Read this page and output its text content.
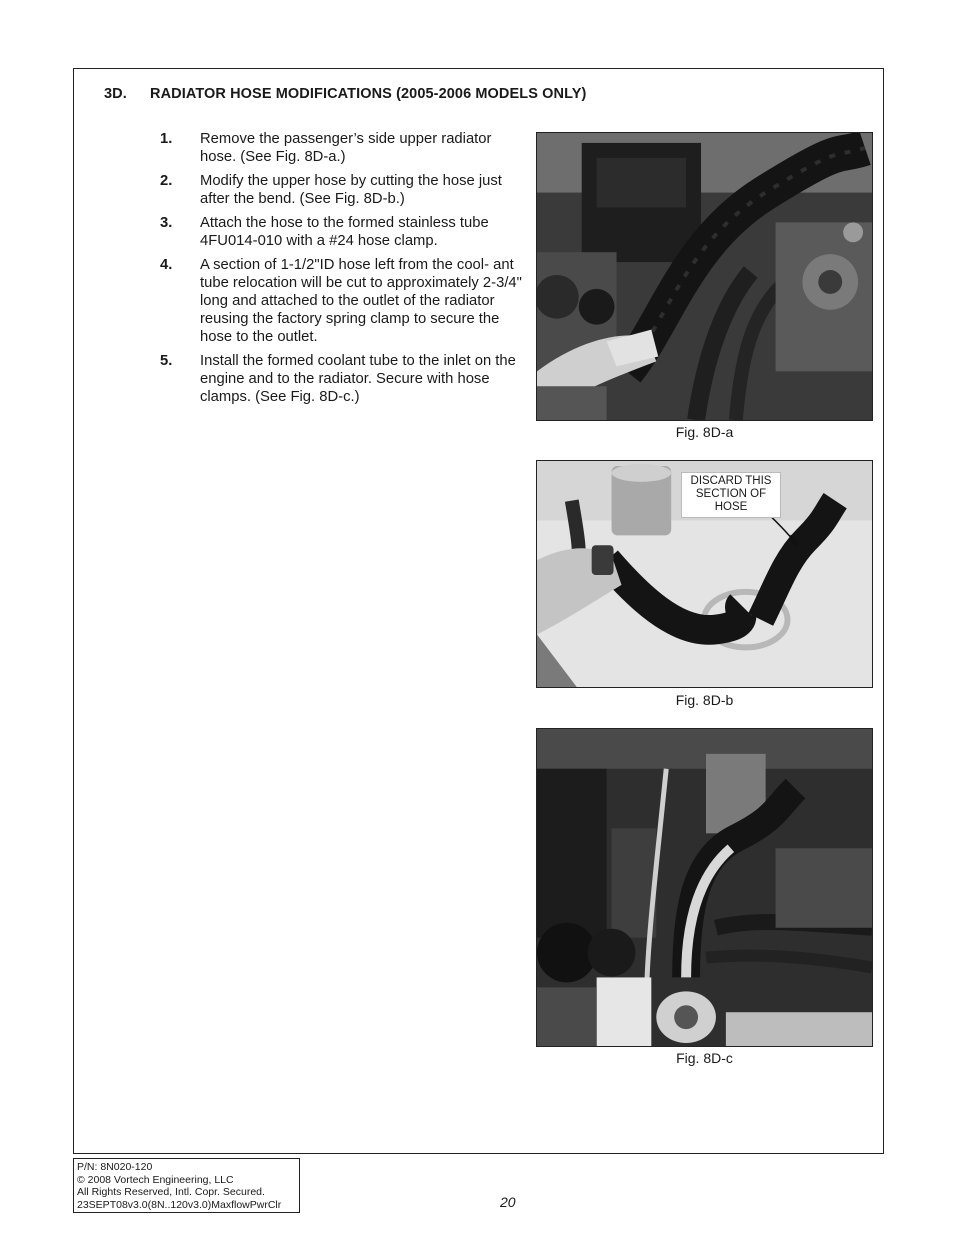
3D. RADIATOR HOSE MODIFICATIONS (2005-2006 MODELS ONLY)
1. Remove the passenger’s side upper radiator hose. (See Fig. 8D-a.)
2. Modify the upper hose by cutting the hose just after the bend. (See Fig. 8D-b.)
3. Attach the hose to the formed stainless tube 4FU014-010 with a #24 hose clamp.
4. A section of 1-1/2"ID hose left from the cool- ant tube relocation will be cut to approximately 2-3/4" long and attached to the outlet of the radiator reusing the factory spring clamp to secure the hose to the outlet.
5. Install the formed coolant tube to the inlet on the engine and to the radiator. Secure with hose clamps. (See Fig. 8D-c.)
Fig. 8D-a
DISCARD THIS SECTION OF HOSE
Fig. 8D-b
Fig. 8D-c
P/N: 8N020-120
© 2008 Vortech Engineering, LLC
All Rights Reserved, Intl. Copr. Secured.
23SEPT08v3.0(8N..120v3.0)MaxflowPwrClr	20
